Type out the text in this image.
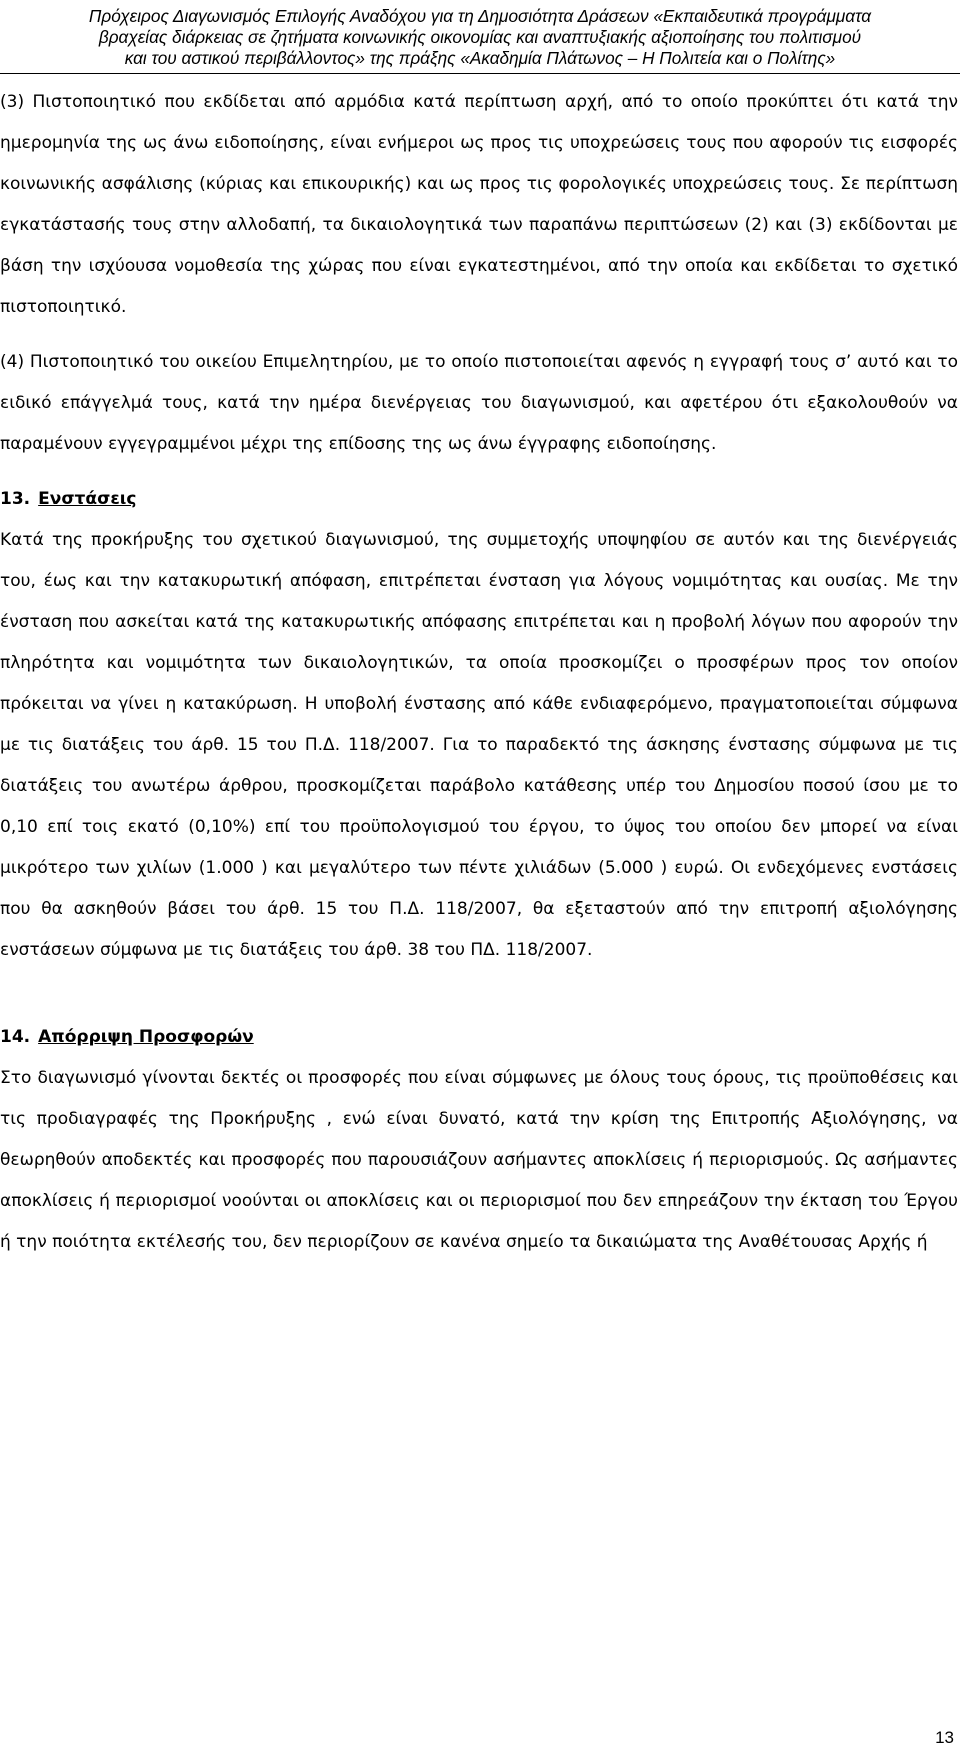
Πρόχειρος Διαγωνισμός Επιλογής Αναδόχου για τη Δημοσιότητα Δράσεων «Εκπαιδευτικά προγράμματα
βραχείας διάρκειας σε ζητήματα κοινωνικής οικονομίας και αναπτυξιακής αξιοποίησης του πολιτισμού
και του αστικού περιβάλλοντος» της πράξης «Ακαδημία Πλάτωνος – Η Πολιτεία και ο Πολίτης»

(3) Πιστοποιητικό που εκδίδεται από αρμόδια κατά περίπτωση αρχή, από το οποίο προκύπτει ότι κατά την ημερομηνία της ως άνω ειδοποίησης, είναι ενήμεροι ως προς τις υποχρεώσεις τους που αφορούν τις εισφορές κοινωνικής ασφάλισης (κύριας και επικουρικής) και ως προς τις φορολογικές υποχρεώσεις τους. Σε περίπτωση εγκατάστασής τους στην αλλοδαπή, τα δικαιολογητικά των παραπάνω περιπτώσεων (2) και (3) εκδίδονται με βάση την ισχύουσα νομοθεσία της χώρας που είναι εγκατεστημένοι, από την οποία και εκδίδεται το σχετικό πιστοποιητικό.

(4) Πιστοποιητικό του οικείου Επιμελητηρίου, με το οποίο πιστοποιείται αφενός η εγγραφή τους σ’ αυτό και το ειδικό επάγγελμά τους, κατά την ημέρα διενέργειας του διαγωνισμού, και αφετέρου ότι εξακολουθούν να παραμένουν εγγεγραμμένοι μέχρι της επίδοσης της ως άνω έγγραφης ειδοποίησης.

13. Ενστάσεις

Κατά της προκήρυξης του σχετικού διαγωνισμού, της συμμετοχής υποψηφίου σε αυτόν και της διενέργειάς του, έως και την κατακυρωτική απόφαση, επιτρέπεται ένσταση για λόγους νομιμότητας και ουσίας. Με την ένσταση που ασκείται κατά της κατακυρωτικής απόφασης επιτρέπεται και η προβολή λόγων που αφορούν την πληρότητα και νομιμότητα των δικαιολογητικών, τα οποία προσκομίζει ο προσφέρων προς τον οποίον πρόκειται να γίνει η κατακύρωση. Η υποβολή ένστασης από κάθε ενδιαφερόμενο, πραγματοποιείται σύμφωνα με τις διατάξεις του άρθ. 15 του Π.Δ. 118/2007. Για το παραδεκτό της άσκησης ένστασης σύμφωνα με τις διατάξεις του ανωτέρω άρθρου, προσκομίζεται παράβολο κατάθεσης υπέρ του Δημοσίου ποσού ίσου με το 0,10 επί τοις εκατό (0,10%) επί του προϋπολογισμού του έργου, το ύψος του οποίου δεν μπορεί να είναι μικρότερο των χιλίων (1.000 ) και μεγαλύτερο των πέντε χιλιάδων (5.000 ) ευρώ. Οι ενδεχόμενες ενστάσεις που θα ασκηθούν βάσει του άρθ. 15 του Π.Δ. 118/2007, θα εξεταστούν από την επιτροπή αξιολόγησης ενστάσεων σύμφωνα με τις διατάξεις του άρθ. 38 του ΠΔ. 118/2007.

14. Απόρριψη Προσφορών

Στο διαγωνισμό γίνονται δεκτές οι προσφορές που είναι σύμφωνες με όλους τους όρους, τις προϋποθέσεις και τις προδιαγραφές της Προκήρυξης , ενώ είναι δυνατό, κατά την κρίση της Επιτροπής Αξιολόγησης, να θεωρηθούν αποδεκτές και προσφορές που παρουσιάζουν ασήμαντες αποκλίσεις ή περιορισμούς. Ως ασήμαντες αποκλίσεις ή περιορισμοί νοούνται οι αποκλίσεις και οι περιορισμοί που δεν επηρεάζουν την έκταση του Έργου ή την ποιότητα εκτέλεσής του, δεν περιορίζουν σε κανένα σημείο τα δικαιώματα της Αναθέτουσας Αρχής ή

13
